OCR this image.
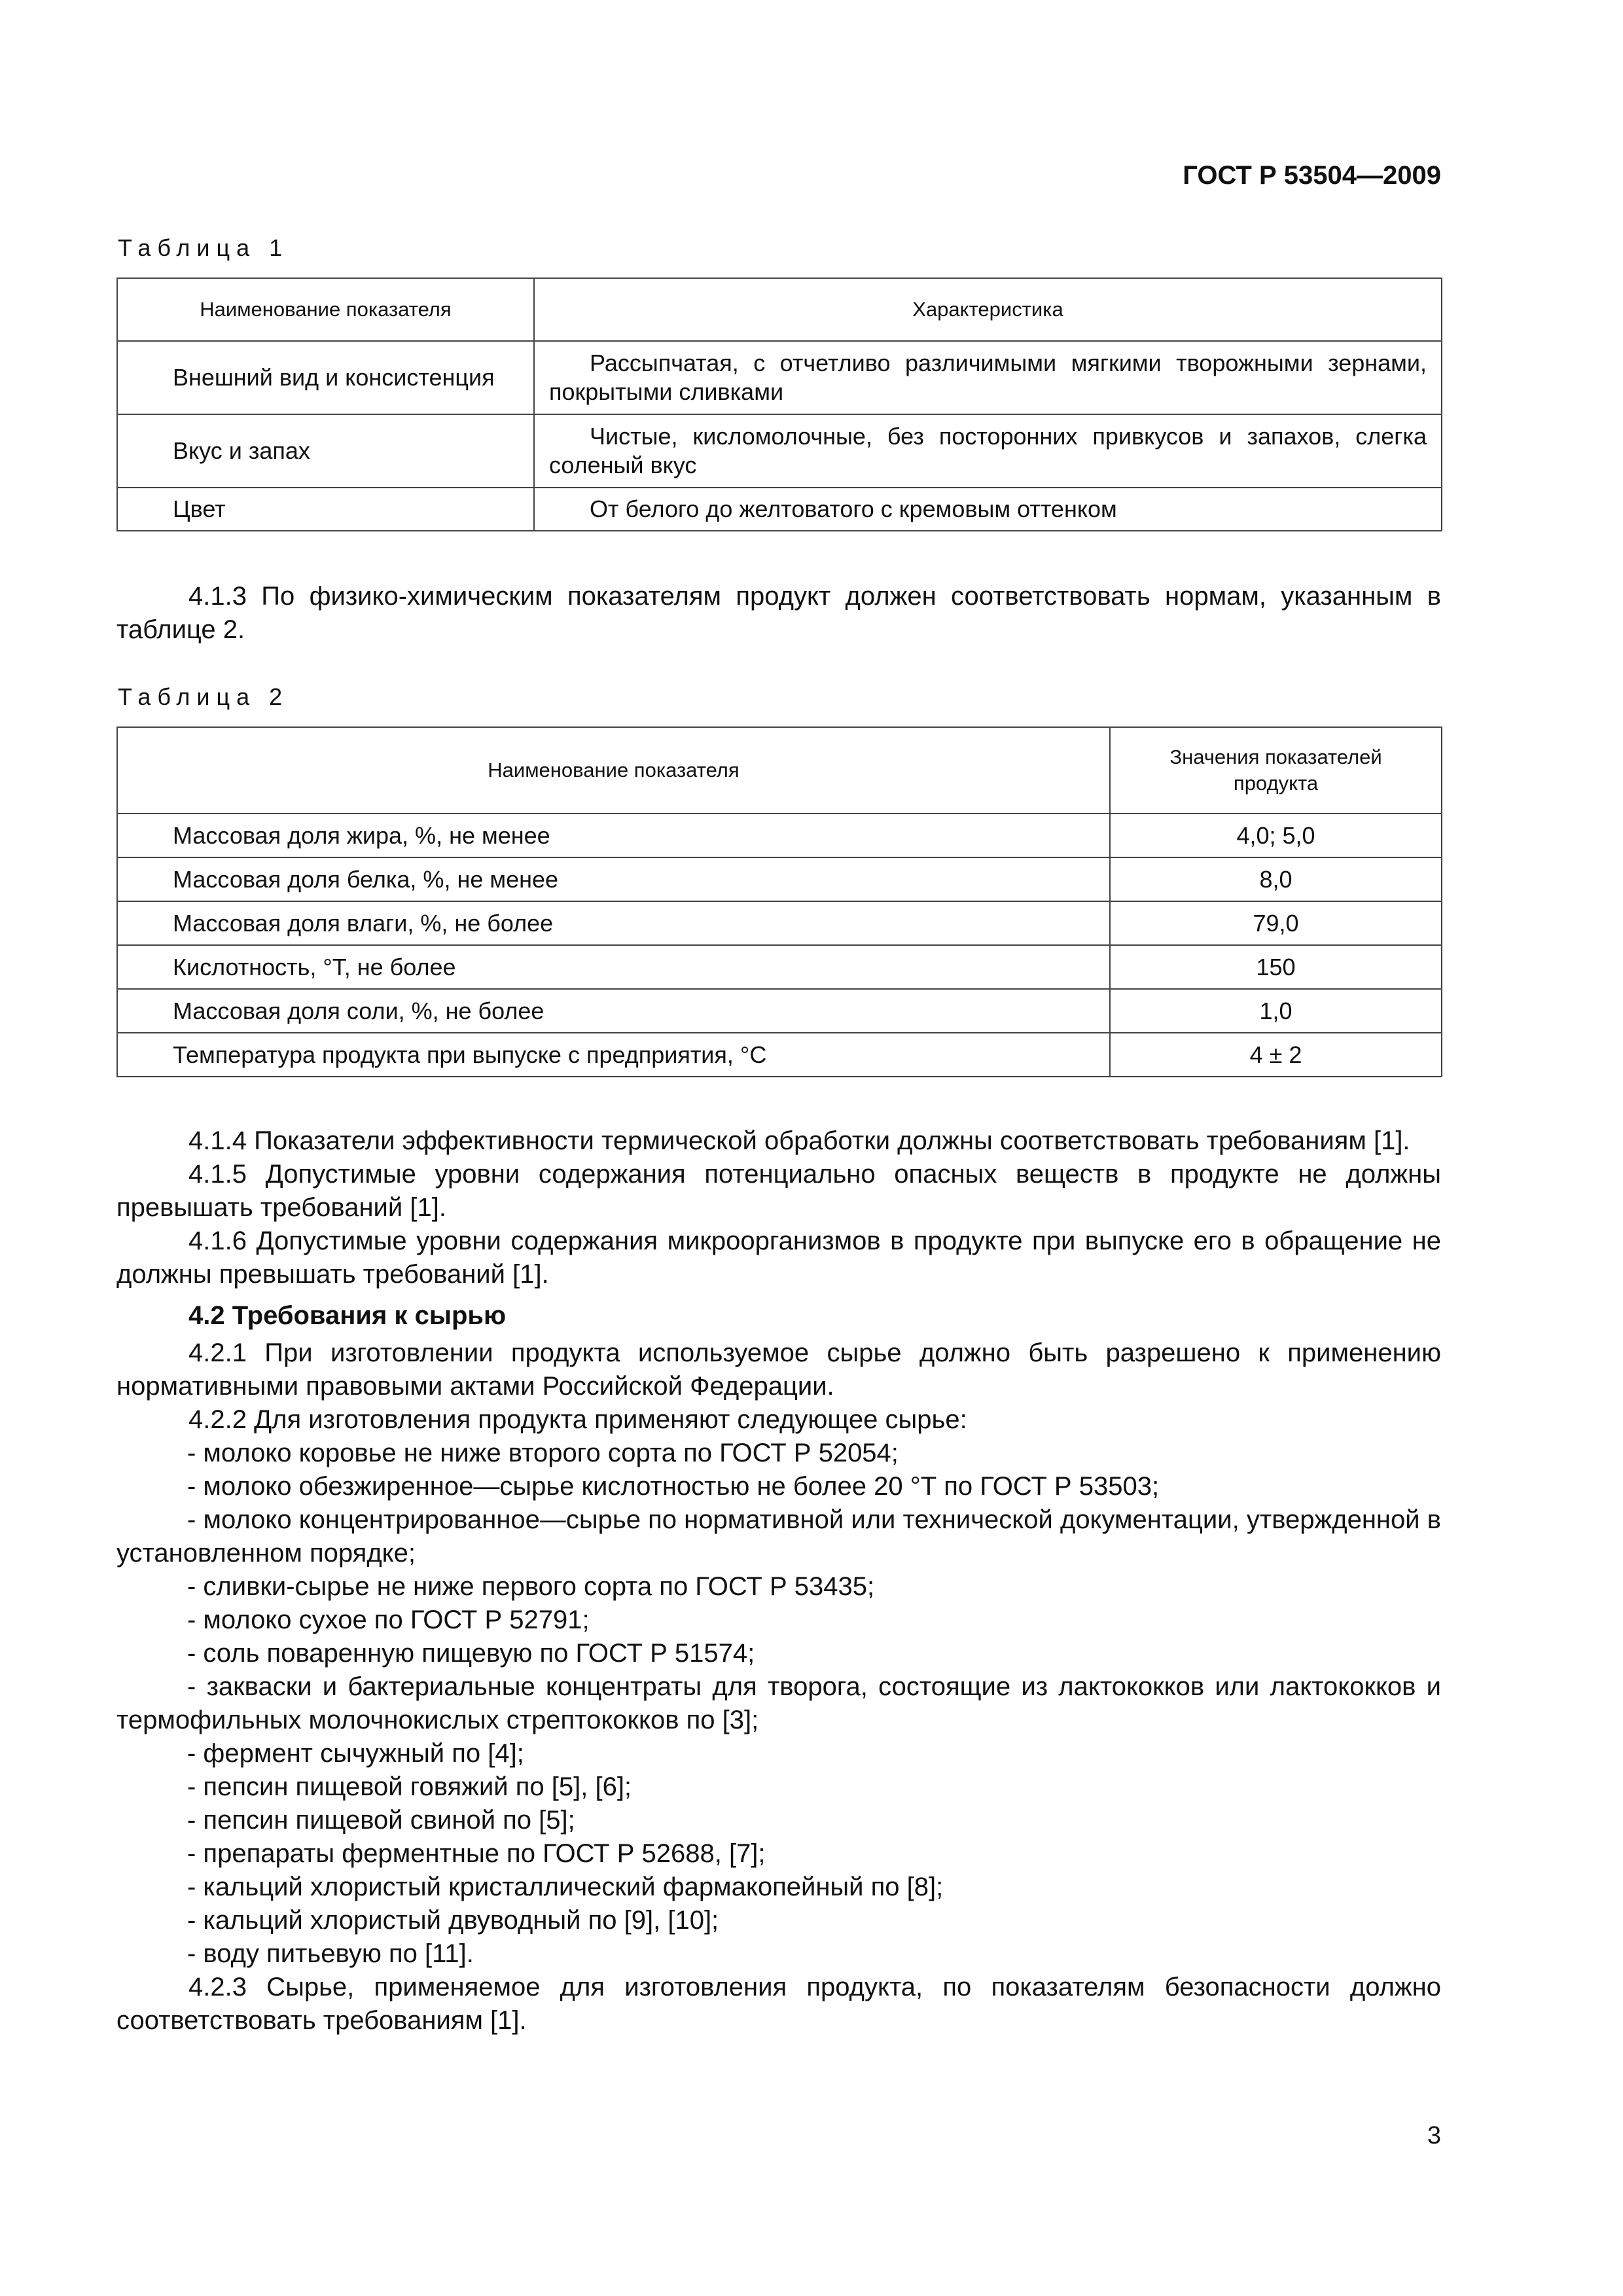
ГОСТ Р 53504—2009
Таблица 1
Наименование показателя	Характеристика
Внешний вид и консистенция	Рассыпчатая, с отчетливо различимыми мягкими творожными зернами, покрытыми сливками
Вкус и запах	Чистые, кисломолочные, без посторонних привкусов и запахов, слегка соленый вкус
Цвет	От белого до желтоватого с кремовым оттенком

4.1.3 По физико-химическим показателям продукт должен соответствовать нормам, указанным в таблице 2.

Таблица 2
Наименование показателя	Значения показателей продукта
Массовая доля жира, %, не менее	4,0; 5,0
Массовая доля белка, %, не менее	8,0
Массовая доля влаги, %, не более	79,0
Кислотность, °Т, не более	150
Массовая доля соли, %, не более	1,0
Температура продукта при выпуске с предприятия, °С	4 ± 2

4.1.4 Показатели эффективности термической обработки должны соответствовать требованиям [1].

4.1.5 Допустимые уровни содержания потенциально опасных веществ в продукте не должны превышать требований [1].

4.1.6 Допустимые уровни содержания микроорганизмов в продукте при выпуске его в обращение не должны превышать требований [1].

4.2 Требования к сырью

4.2.1 При изготовлении продукта используемое сырье должно быть разрешено к применению нормативными правовыми актами Российской Федерации.

4.2.2 Для изготовления продукта применяют следующее сырье:

- молоко коровье не ниже второго сорта по ГОСТ Р 52054;

- молоко обезжиренное—сырье кислотностью не более 20 °Т по ГОСТ Р 53503;

- молоко концентрированное—сырье по нормативной или технической документации, утвержденной в установленном порядке;

- сливки-сырье не ниже первого сорта по ГОСТ Р 53435;

- молоко сухое по ГОСТ Р 52791;

- соль поваренную пищевую по ГОСТ Р 51574;

- закваски и бактериальные концентраты для творога, состоящие из лактококков или лактококков и термофильных молочнокислых стрептококков по [3];

- фермент сычужный по [4];

- пепсин пищевой говяжий по [5], [6];

- пепсин пищевой свиной по [5];

- препараты ферментные по ГОСТ Р 52688, [7];

- кальций хлористый кристаллический фармакопейный по [8];

- кальций хлористый двуводный по [9], [10];

- воду питьевую по [11].

4.2.3 Сырье, применяемое для изготовления продукта, по показателям безопасности должно соответствовать требованиям [1].

3
